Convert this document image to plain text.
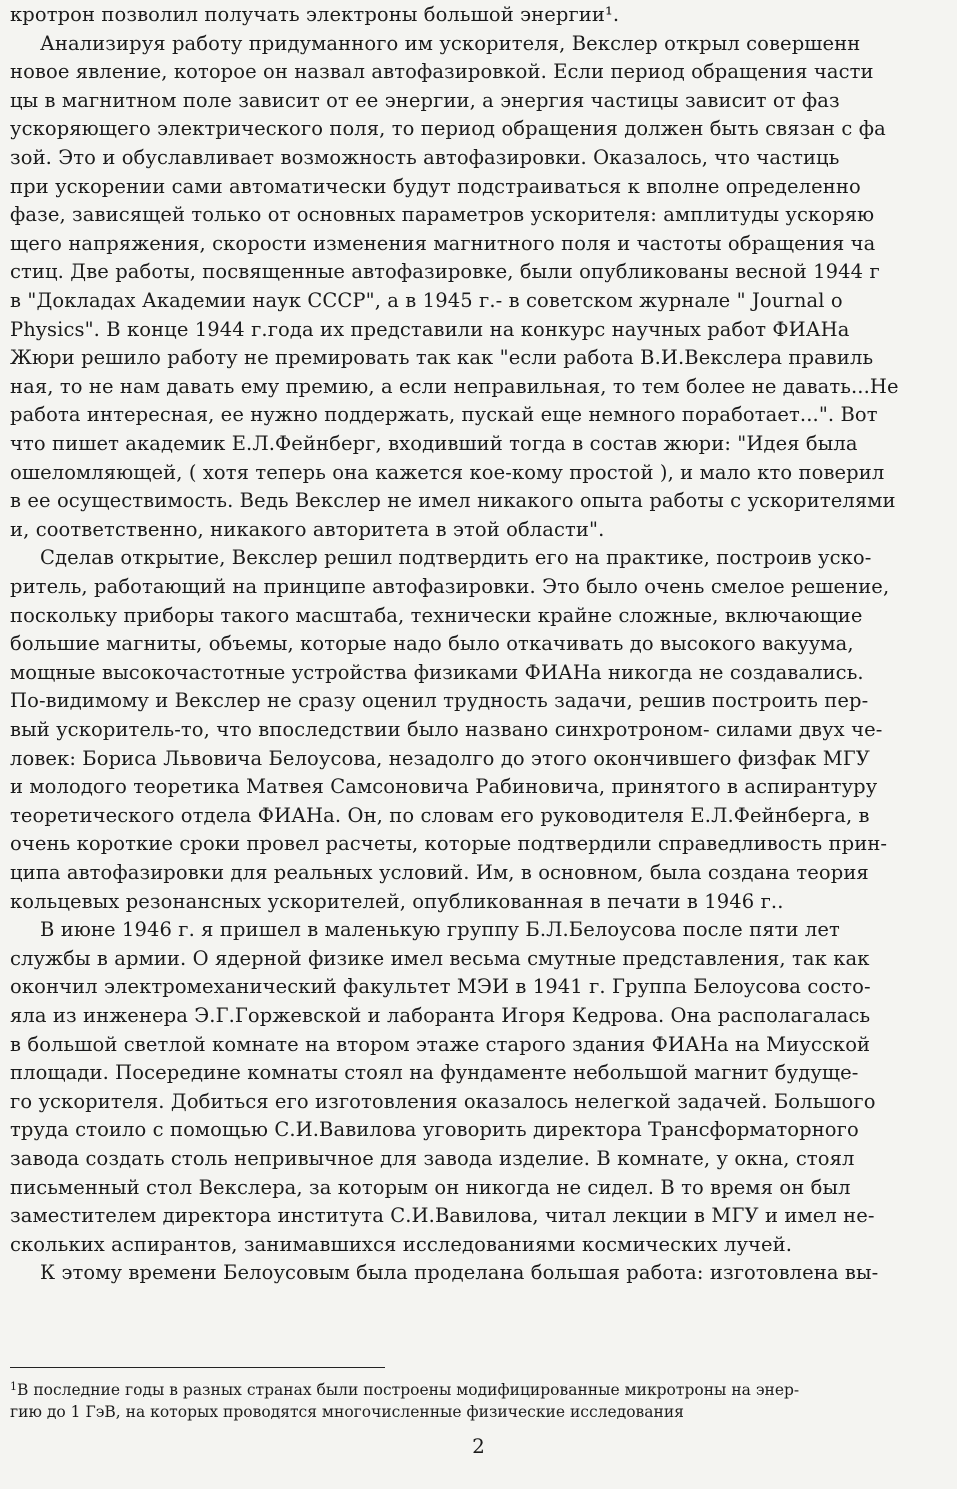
кротрон позволил получать электроны большой энергии¹.
Анализируя работу придуманного им ускорителя, Векслер открыл совершенн
новое явление, которое он назвал автофазировкой. Если период обращения части
цы в магнитном поле зависит от ее энергии, а энергия частицы зависит от фаз
ускоряющего электрического поля, то период обращения должен быть связан с фа
зой. Это и обуславливает возможность автофазировки. Оказалось, что частиць
при ускорении сами автоматически будут подстраиваться к вполне определенно
фазе, зависящей только от основных параметров ускорителя: амплитуды ускоряю
щего напряжения, скорости изменения магнитного поля и частоты обращения ча
стиц. Две работы, посвященные автофазировке, были опубликованы весной 1944 г
в "Докладах Академии наук СССР", а в 1945 г.- в советском журнале " Journal o
Physics". В конце 1944 г.года их представили на конкурс научных работ ФИАНа
Жюри решило работу не премировать так как "если работа В.И.Векслера правиль
ная, то не нам давать ему премию, а если неправильная, то тем более не давать...Не
работа интересная, ее нужно поддержать, пускай еще немного поработает...". Вот
что пишет академик Е.Л.Фейнберг, входивший тогда в состав жюри: "Идея была
ошеломляющей, ( хотя теперь она кажется кое-кому простой ), и мало кто поверил
в ее осуществимость. Ведь Векслер не имел никакого опыта работы с ускорителями
и, соответственно, никакого авторитета в этой области".
Сделав открытие, Векслер решил подтвердить его на практике, построив уско-
ритель, работающий на принципе автофазировки. Это было очень смелое решение,
поскольку приборы такого масштаба, технически крайне сложные, включающие
большие магниты, объемы, которые надо было откачивать до высокого вакуума,
мощные высокочастотные устройства физиками ФИАНа никогда не создавались.
По-видимому и Векслер не сразу оценил трудность задачи, решив построить пер-
вый ускоритель-то, что впоследствии было названо синхротроном- силами двух че-
ловек: Бориса Львовича Белоусова, незадолго до этого окончившего физфак МГУ
и молодого теоретика Матвея Самсоновича Рабиновича, принятого в аспирантуру
теоретического отдела ФИАНа. Он, по словам его руководителя Е.Л.Фейнберга, в
очень короткие сроки провел расчеты, которые подтвердили справедливость прин-
ципа автофазировки для реальных условий. Им, в основном, была создана теория
кольцевых резонансных ускорителей, опубликованная в печати в 1946 г..
В июне 1946 г. я пришел в маленькую группу Б.Л.Белоусова после пяти лет
службы в армии. О ядерной физике имел весьма смутные представления, так как
окончил электромеханический факультет МЭИ в 1941 г. Группа Белоусова состо-
яла из инженера Э.Г.Горжевской и лаборанта Игоря Кедрова. Она располагалась
в большой светлой комнате на втором этаже старого здания ФИАНа на Миусской
площади. Посередине комнаты стоял на фундаменте небольшой магнит будуще-
го ускорителя. Добиться его изготовления оказалось нелегкой задачей. Большого
труда стоило с помощью С.И.Вавилова уговорить директора Трансформаторного
завода создать столь непривычное для завода изделие. В комнате, у окна, стоял
письменный стол Векслера, за которым он никогда не сидел. В то время он был
заместителем директора института С.И.Вавилова, читал лекции в МГУ и имел не-
скольких аспирантов, занимавшихся исследованиями космических лучей.
К этому времени Белоусовым была проделана большая работа: изготовлена вы-
$^1$В последние годы в разных странах были построены модифицированные микротроны на энер-
гию до 1 ГэВ, на которых проводятся многочисленные физические исследования
2
